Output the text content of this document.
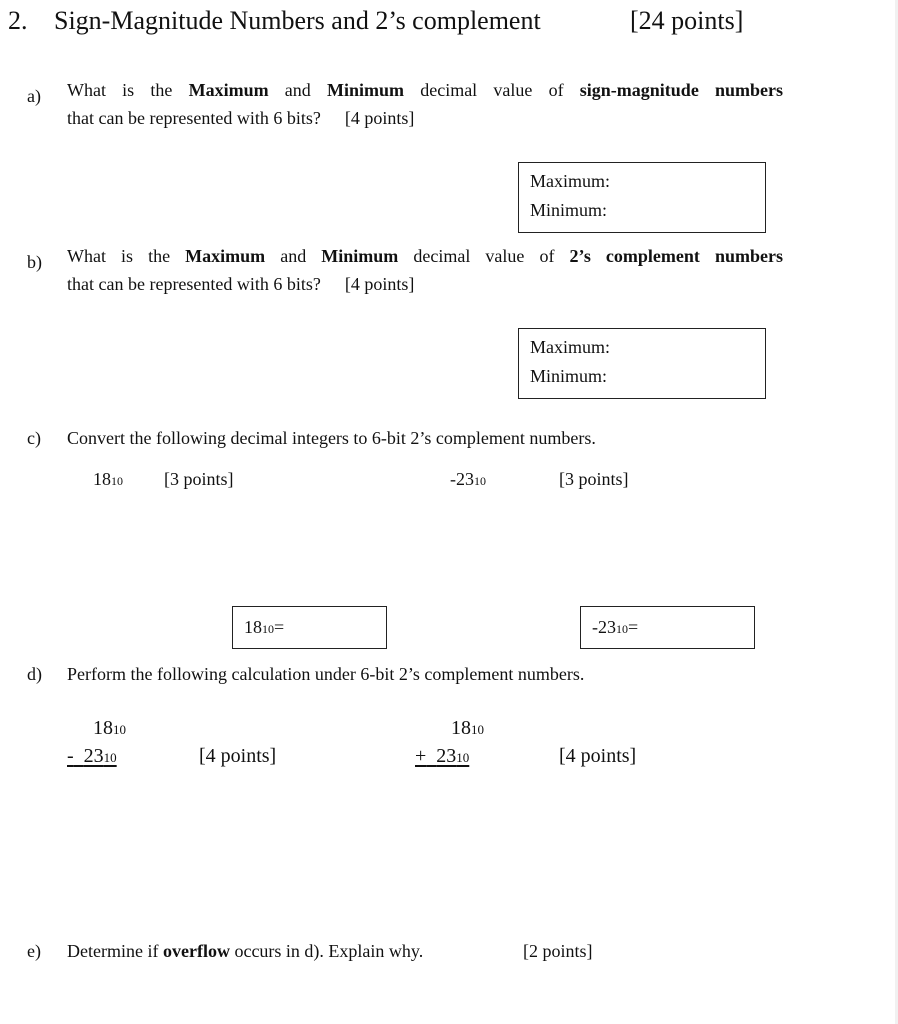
2. Sign-Magnitude Numbers and 2’s complement	[24 points]
a) What is the Maximum and Minimum decimal value of sign-magnitude numbers
that can be represented with 6 bits? [4 points]
Maximum:
Minimum:
b) What is the Maximum and Minimum decimal value of 2’s complement numbers
that can be represented with 6 bits? [4 points]
Maximum:
Minimum:
c) Convert the following decimal integers to 6-bit 2’s complement numbers.
1810 [3 points]	-2310	[3 points]
1810=	-2310=
d) Perform the following calculation under 6-bit 2’s complement numbers.
1810
- 2310	[4 points]
1810
+ 2310	[4 points]
e) Determine if overflow occurs in d). Explain why.	[2 points]
